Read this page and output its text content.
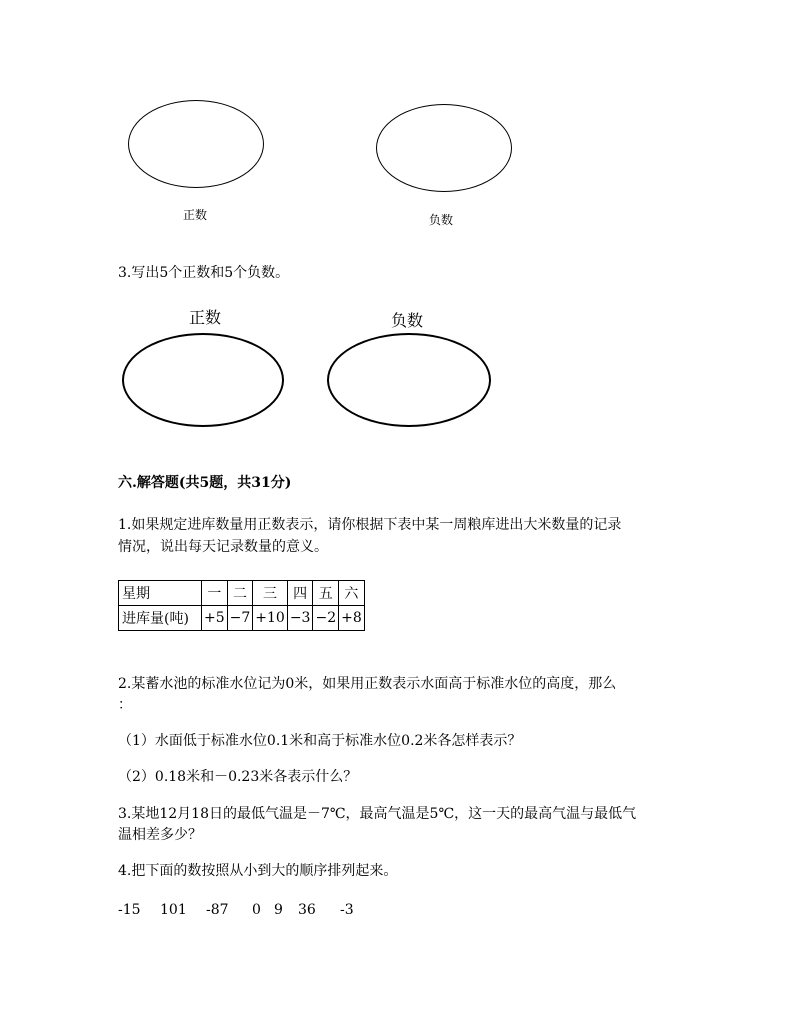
正数	负数
3.写出5个正数和5个负数。
正数	负数
六.解答题(共5题，共31分)
1.如果规定进库数量用正数表示，请你根据下表中某一周粮库进出大米数量的记录
情况，说出每天记录数量的意义。
星期	一	二	三	四	五	六
进库量(吨)	+5	−7	+10	−3	−2	+8
2.某蓄水池的标准水位记为0米，如果用正数表示水面高于标准水位的高度，那么
：
（1）水面低于标准水位0.1米和高于标准水位0.2米各怎样表示？
（2）0.18米和－0.23米各表示什么？
3.某地12月18日的最低气温是－7℃，最高气温是5℃，这一天的最高气温与最低气
温相差多少？
4.把下面的数按照从小到大的顺序排列起来。
-15 101 -87 0 9 36 -3
